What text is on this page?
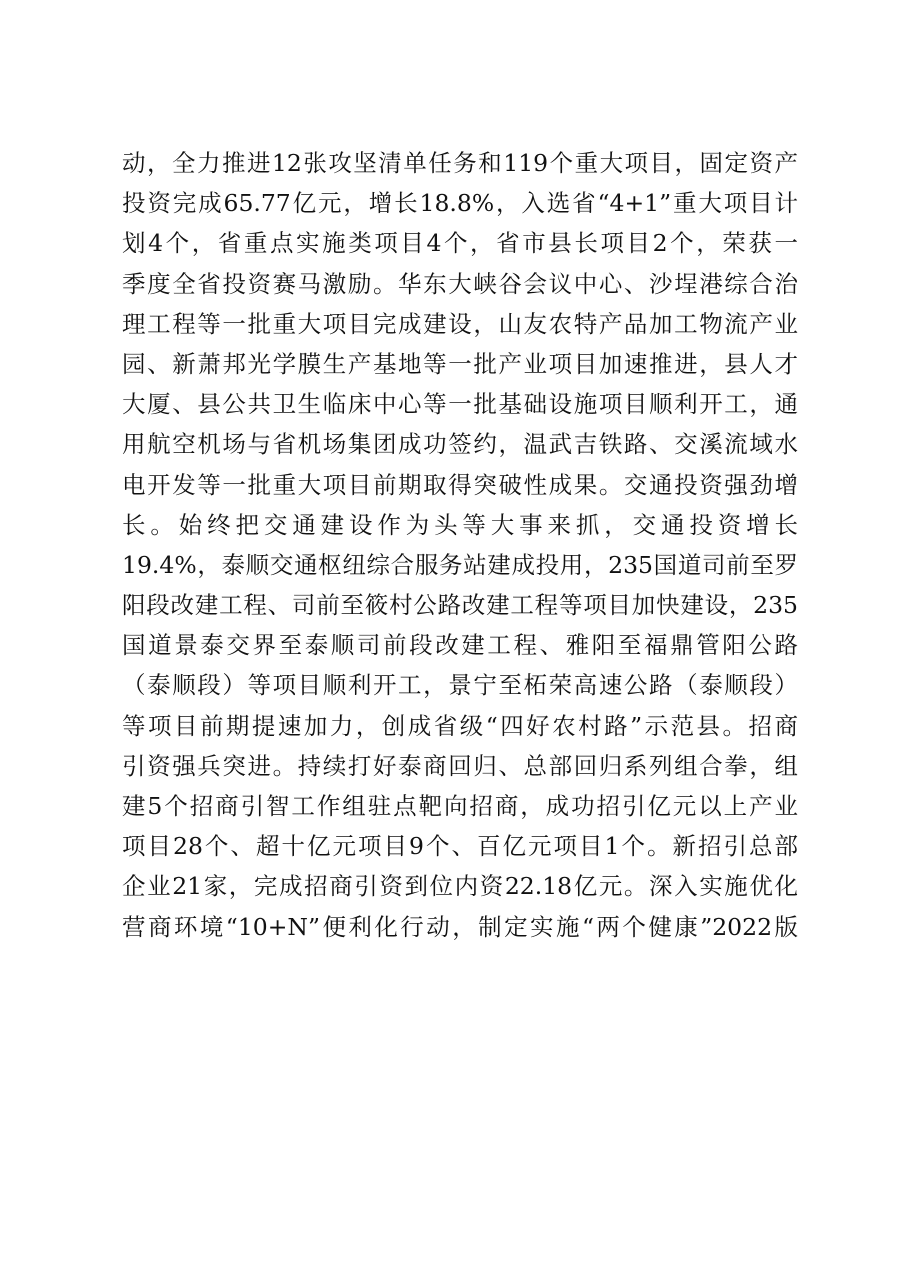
动，全力推进12张攻坚清单任务和119个重大项目，固定资产
投资完成65.77亿元，增长18.8%，入选省“4+1”重大项目计
划4个，省重点实施类项目4个，省市县长项目2个，荣获一
季度全省投资赛马激励。华东大峡谷会议中心、沙埕港综合治
理工程等一批重大项目完成建设，山友农特产品加工物流产业
园、新萧邦光学膜生产基地等一批产业项目加速推进，县人才
大厦、县公共卫生临床中心等一批基础设施项目顺利开工，通
用航空机场与省机场集团成功签约，温武吉铁路、交溪流域水
电开发等一批重大项目前期取得突破性成果。交通投资强劲增
长。始终把交通建设作为头等大事来抓，交通投资增长
19.4%，泰顺交通枢纽综合服务站建成投用，235国道司前至罗
阳段改建工程、司前至筱村公路改建工程等项目加快建设，235
国道景泰交界至泰顺司前段改建工程、雅阳至福鼎管阳公路
（泰顺段）等项目顺利开工，景宁至柘荣高速公路（泰顺段）
等项目前期提速加力，创成省级“四好农村路”示范县。招商
引资强兵突进。持续打好泰商回归、总部回归系列组合拳，组
建5个招商引智工作组驻点靶向招商，成功招引亿元以上产业
项目28个、超十亿元项目9个、百亿元项目1个。新招引总部
企业21家，完成招商引资到位内资22.18亿元。深入实施优化
营商环境“10+N”便利化行动，制定实施“两个健康”2022版
